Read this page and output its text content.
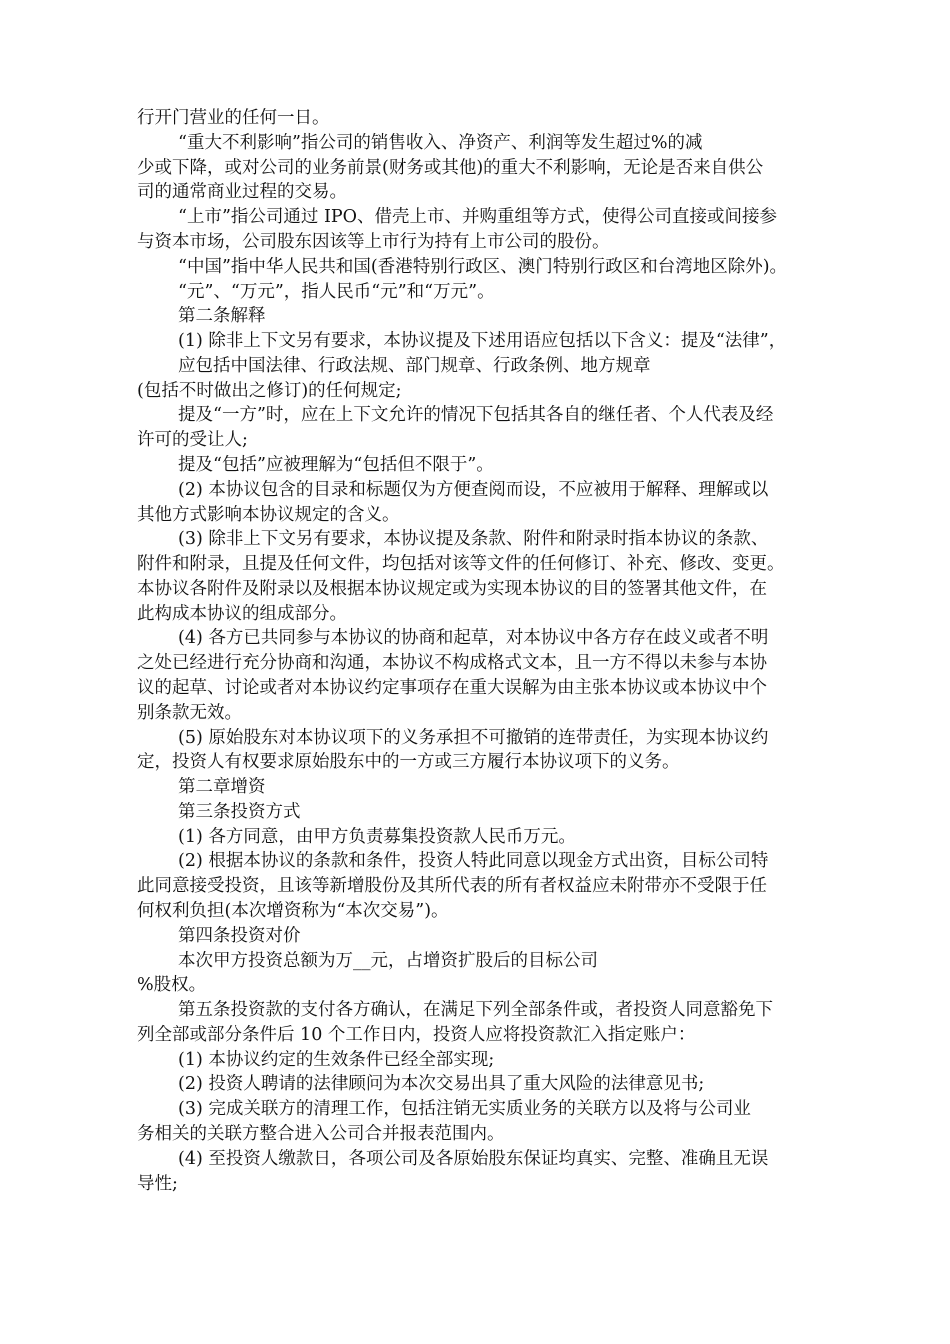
行开门营业的任何一日。
“重大不利影响”指公司的销售收入、净资产、利润等发生超过%的减
少或下降，或对公司的业务前景(财务或其他)的重大不利影响，无论是否来自供公
司的通常商业过程的交易。
“上市”指公司通过 IPO、借壳上市、并购重组等方式，使得公司直接或间接参
与资本市场，公司股东因该等上市行为持有上市公司的股份。
“中国”指中华人民共和国(香港特别行政区、澳门特别行政区和台湾地区除外)。
“元”、“万元”，指人民币“元”和“万元”。
第二条解释
(1) 除非上下文另有要求，本协议提及下述用语应包括以下含义：提及“法律”，
应包括中国法律、行政法规、部门规章、行政条例、地方规章
(包括不时做出之修订)的任何规定;
提及“一方”时，应在上下文允许的情况下包括其各自的继任者、个人代表及经
许可的受让人;
提及“包括”应被理解为“包括但不限于”。
(2) 本协议包含的目录和标题仅为方便查阅而设，不应被用于解释、理解或以
其他方式影响本协议规定的含义。
(3) 除非上下文另有要求，本协议提及条款、附件和附录时指本协议的条款、
附件和附录，且提及任何文件，均包括对该等文件的任何修订、补充、修改、变更。
本协议各附件及附录以及根据本协议规定或为实现本协议的目的签署其他文件，在
此构成本协议的组成部分。
(4) 各方已共同参与本协议的协商和起草，对本协议中各方存在歧义或者不明
之处已经进行充分协商和沟通，本协议不构成格式文本，且一方不得以未参与本协
议的起草、讨论或者对本协议约定事项存在重大误解为由主张本协议或本协议中个
别条款无效。
(5) 原始股东对本协议项下的义务承担不可撤销的连带责任，为实现本协议约
定，投资人有权要求原始股东中的一方或三方履行本协议项下的义务。
第二章增资
第三条投资方式
(1) 各方同意，由甲方负责募集投资款人民币万元。
(2) 根据本协议的条款和条件，投资人特此同意以现金方式出资，目标公司特
此同意接受投资，且该等新增股份及其所代表的所有者权益应未附带亦不受限于任
何权利负担(本次增资称为“本次交易”)。
第四条投资对价
本次甲方投资总额为万__元，占增资扩股后的目标公司
%股权。
第五条投资款的支付各方确认，在满足下列全部条件或，者投资人同意豁免下
列全部或部分条件后 10 个工作日内，投资人应将投资款汇入指定账户：
(1) 本协议约定的生效条件已经全部实现;
(2) 投资人聘请的法律顾问为本次交易出具了重大风险的法律意见书;
(3) 完成关联方的清理工作，包括注销无实质业务的关联方以及将与公司业
务相关的关联方整合进入公司合并报表范围内。
(4) 至投资人缴款日，各项公司及各原始股东保证均真实、完整、准确且无误
导性;
